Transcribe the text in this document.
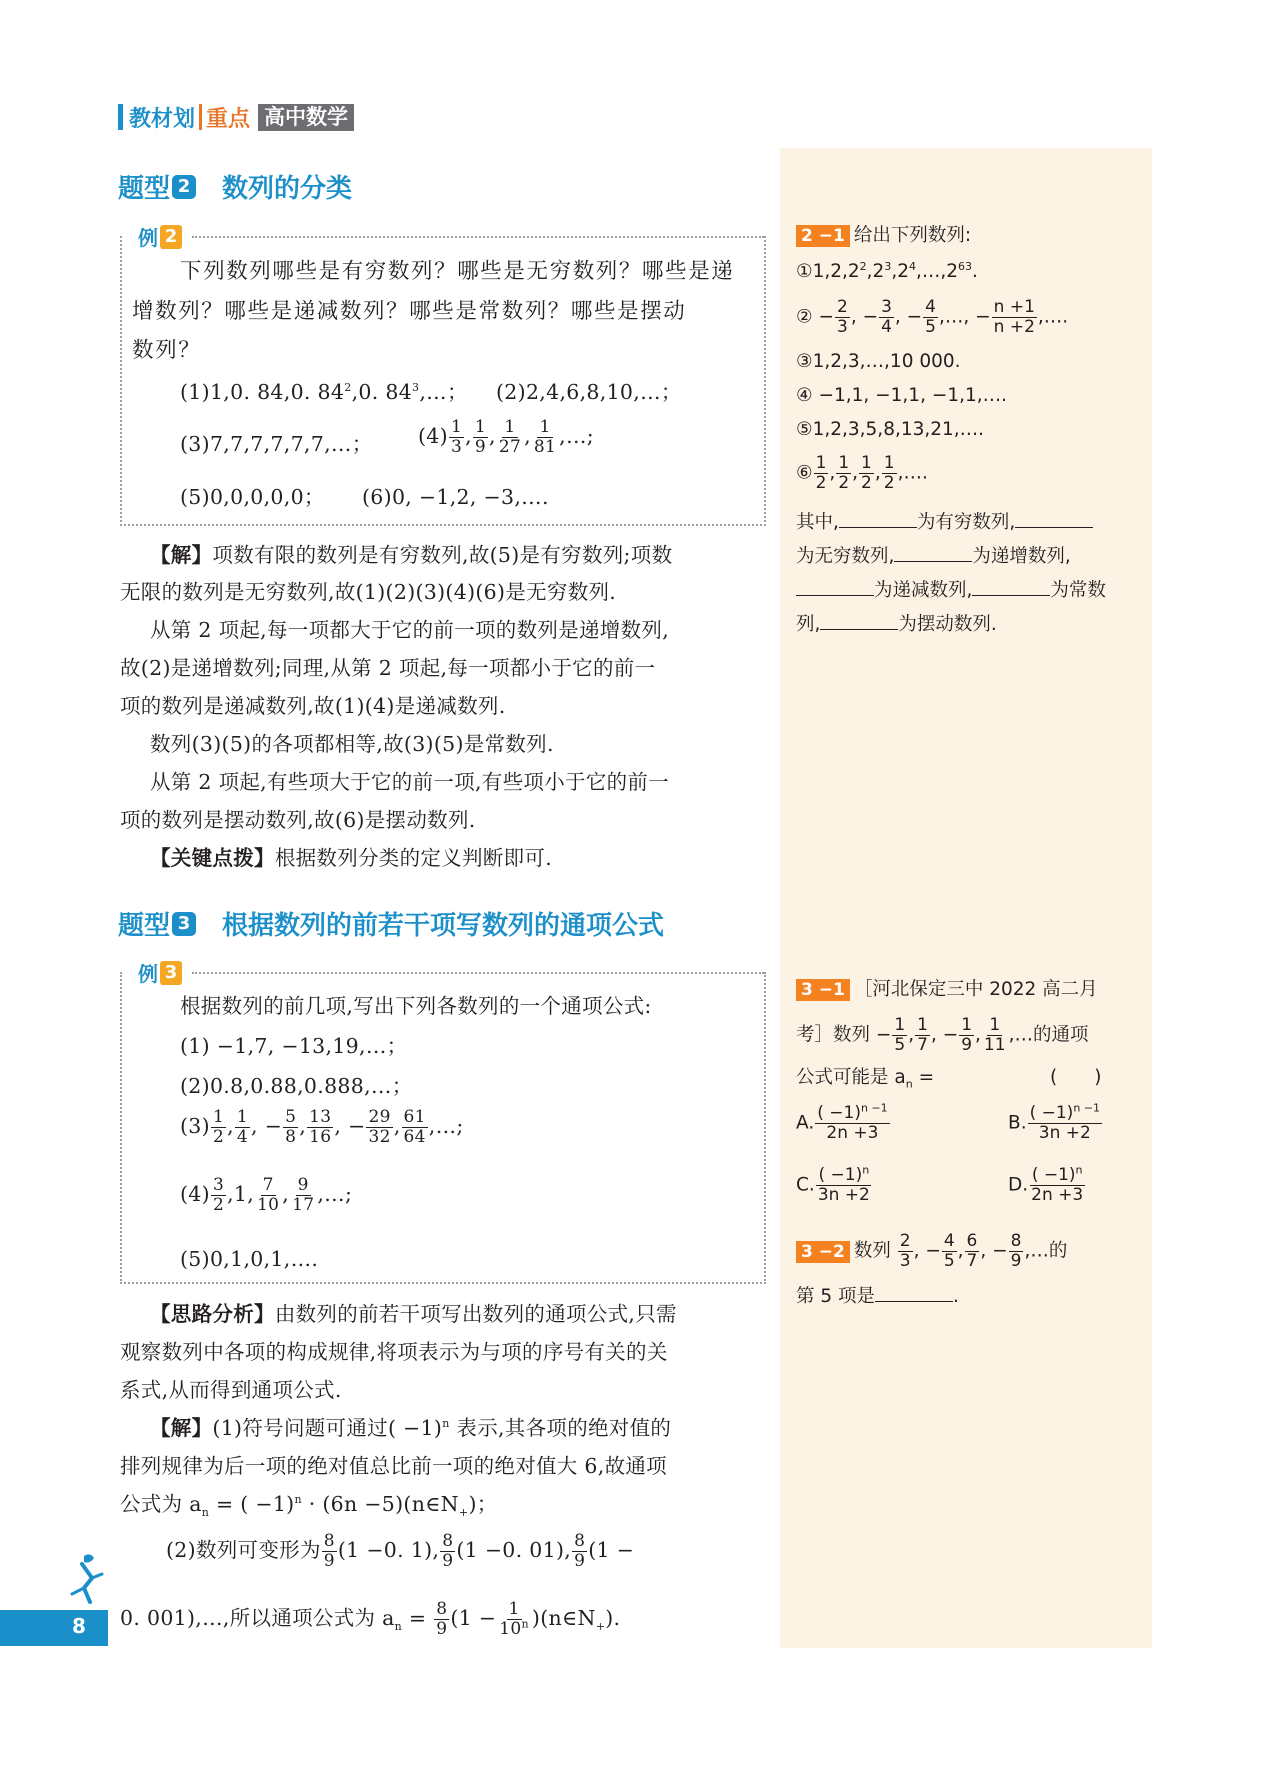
教材划 重点 高中数学
题型 2 数列的分类
例 2
下列数列哪些是有穷数列？哪些是无穷数列？哪些是递
增数列？哪些是递减数列？哪些是常数列？哪些是摆动
数列？
(1)1,0. 84,0. $84^2,0$. $84^3,\dots$； (2)2,4,6,8,10,…；
(3)7,7,7,7,7,7,…； $(4) \frac{1}{3}$ , $\frac{1}{9}$ , $\frac{1}{27}$ , $\frac{1}{81}$ ,…;
(5)0,0,0,0,0； (6)0, −1,2, −3,….
【解】项数有限的数列是有穷数列,故(5)是有穷数列;项数
无限的数列是无穷数列,故(1)(2)(3)(4)(6)是无穷数列.
从第 2 项起,每一项都大于它的前一项的数列是递增数列,
故(2)是递增数列;同理,从第 2 项起,每一项都小于它的前一
项的数列是递减数列,故(1)(4)是递减数列.
数列(3)(5)的各项都相等,故(3)(5)是常数列.
从第 2 项起,有些项大于它的前一项,有些项小于它的前一
项的数列是摆动数列,故(6)是摆动数列.
【关键点拨】根据数列分类的定义判断即可.
题型 3 根据数列的前若干项写数列的通项公式
例 3
根据数列的前几项,写出下列各数列的一个通项公式:
(1) −1,7, −13,19,…；
(2)0.8,0.88,0.888,…；
$(3) \frac{1}{2}$ , $\frac{1}{4}$ , − $\frac{5}{8}$ , $\frac{13}{16}$ , − $\frac{29}{32}$ , $\frac{61}{64}$ ,…;
$(4) \frac{3}{2} ,1$, $\frac{7}{10}$ , $\frac{9}{17}$ ,…;
(5)0,1,0,1,….
【思路分析】由数列的前若干项写出数列的通项公式,只需
观察数列中各项的构成规律,将项表示为与项的序号有关的关
系式,从而得到通项公式.
【解】(1)符号问题可通过( −1)$^n$ 表示,其各项的绝对值的
排列规律为后一项的绝对值总比前一项的绝对值大 6,故通项
公式为 $a_n$ = ( $-1)^n \cdot (6n -5)(n\in N_+)$；
(2)数列可变形为 $\frac{8}{9} (1 -0$. 1), $\frac{8}{9} (1 -0$. 01), $\frac{8}{9} (1$ −
0. 001),…,所以通项公式为 $a_n = \frac{8}{9} (1 - \frac{1}{10^n}$ )$(n\in N_+)$.
8
2 −1 给出下列数列:
$①1,2,2^2,2^3,2^4,\dots,2^{63}$.
② − $\frac{2}{3}$ , − $\frac{3}{4}$ , − $\frac{4}{5}$ ,…, − $\frac{n +1}{n +2}$ ,….
③1,2,3,…,10 000.
④ −1,1, −1,1, −1,1,….
⑤1,2,3,5,8,13,21,….
⑥ $\frac{1}{2}$ , $\frac{1}{2}$ , $\frac{1}{2}$ , $\frac{1}{2}$ ,….
其中,	为有穷数列,
为无穷数列,	为递增数列,
为递减数列,	为常数
列,	为摆动数列.
3 −1 ［河北保定三中 2022 高二月
考］数列 − $\frac{1}{5}$ , $\frac{1}{7}$ , − $\frac{1}{9}$ , $\frac{1}{11}$ ,…的通项
公式可能是 $a_n$ =	(　　)
A. $\frac{( -1)^{n -1}}{2n +3}$	B. $\frac{( -1)^{n -1}}{3n +2}$
C. $\frac{( -1)^n}{3n +2}$	D. $\frac{( -1)^n}{2n +3}$
3 −2 数列 $\frac{2}{3}$ , − $\frac{4}{5}$ , $\frac{6}{7}$ , − $\frac{8}{9}$ ,…的
第 5 项是	.
